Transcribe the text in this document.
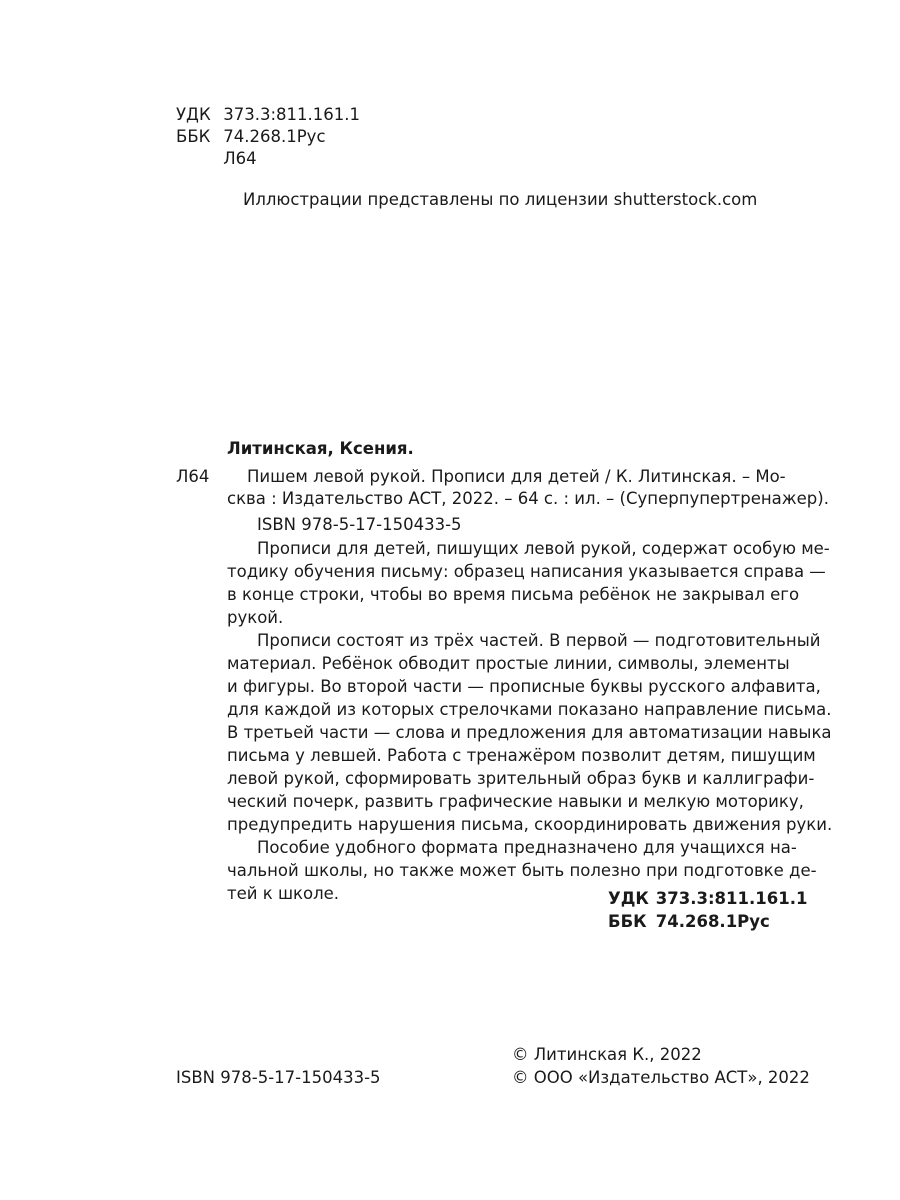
УДК 373.3:811.161.1
ББК 74.268.1Рус
Л64
Иллюстрации представлены по лицензии shutterstock.com
Литинская, Ксения.
Л64	Пишем левой рукой. Прописи для детей / К. Литинская. – Мо-
сква : Издательство АСТ, 2022. – 64 с. : ил. – (Суперпупертренажер).
ISBN 978-5-17-150433-5
Прописи для детей, пишущих левой рукой, содержат особую ме-
тодику обучения письму: образец написания указывается справа —
в конце строки, чтобы во время письма ребёнок не закрывал его
рукой.
Прописи состоят из трёх частей. В первой — подготовительный
материал. Ребёнок обводит простые линии, символы, элементы
и фигуры. Во второй части — прописные буквы русского алфавита,
для каждой из которых стрелочками показано направление письма.
В третьей части — слова и предложения для автоматизации навыка
письма у левшей. Работа с тренажёром позволит детям, пишущим
левой рукой, сформировать зрительный образ букв и каллиграфи-
ческий почерк, развить графические навыки и мелкую моторику,
предупредить нарушения письма, скоординировать движения руки.
Пособие удобного формата предназначено для учащихся на-
чальной школы, но также может быть полезно при подготовке де-
тей к школе.	УДК 373.3:811.161.1
ББК 74.268.1Рус
© Литинская К., 2022
© ООО «Издательство АСТ», 2022
ISBN 978-5-17-150433-5
